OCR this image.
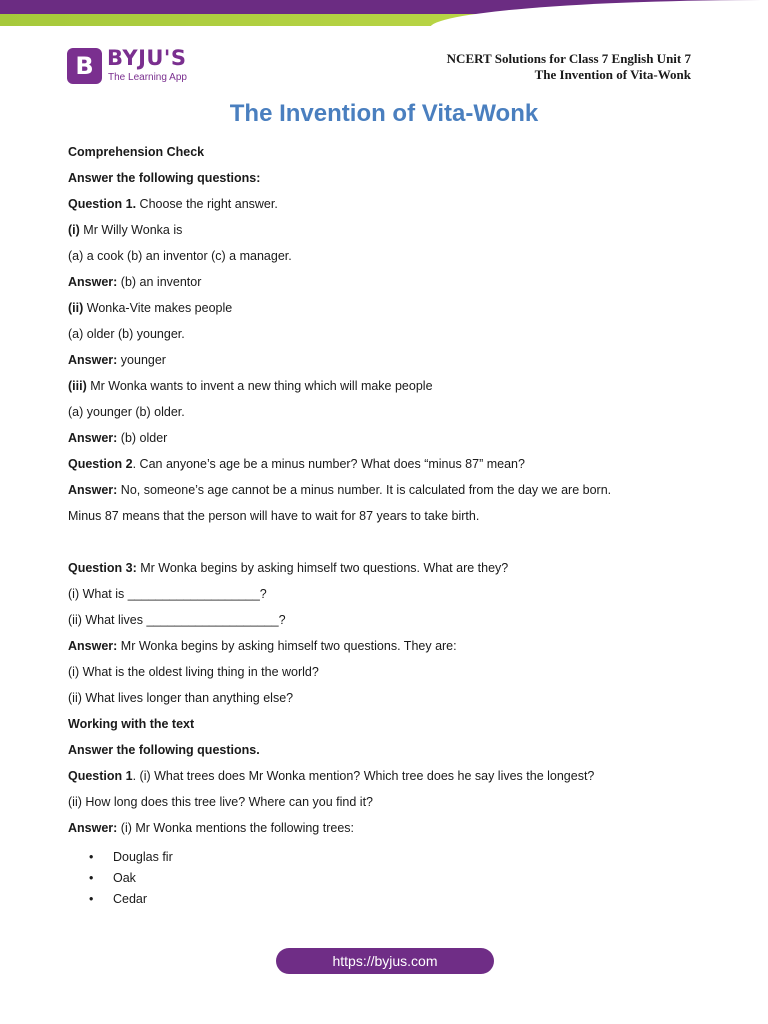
B BYJU'S
The Learning App
NCERT Solutions for Class 7 English Unit 7
The Invention of Vita-Wonk
The Invention of Vita-Wonk
Comprehension Check
Answer the following questions:
Question 1. Choose the right answer.
(i) Mr Willy Wonka is
(a) a cook (b) an inventor (c) a manager.
Answer: (b) an inventor
(ii) Wonka-Vite makes people
(a) older (b) younger.
Answer: younger
(iii) Mr Wonka wants to invent a new thing which will make people
(a) younger (b) older.
Answer: (b) older
Question 2. Can anyone’s age be a minus number? What does “minus 87” mean?
Answer: No, someone’s age cannot be a minus number. It is calculated from the day we are born.
Minus 87 means that the person will have to wait for 87 years to take birth.
Question 3: Mr Wonka begins by asking himself two questions. What are they?
(i) What is ___________________?
(ii) What lives ___________________?
Answer: Mr Wonka begins by asking himself two questions. They are:
(i) What is the oldest living thing in the world?
(ii) What lives longer than anything else?
Working with the text
Answer the following questions.
Question 1. (i) What trees does Mr Wonka mention? Which tree does he say lives the longest?
(ii) How long does this tree live? Where can you find it?
Answer: (i) Mr Wonka mentions the following trees:
• Douglas fir
• Oak
• Cedar
https://byjus.com
